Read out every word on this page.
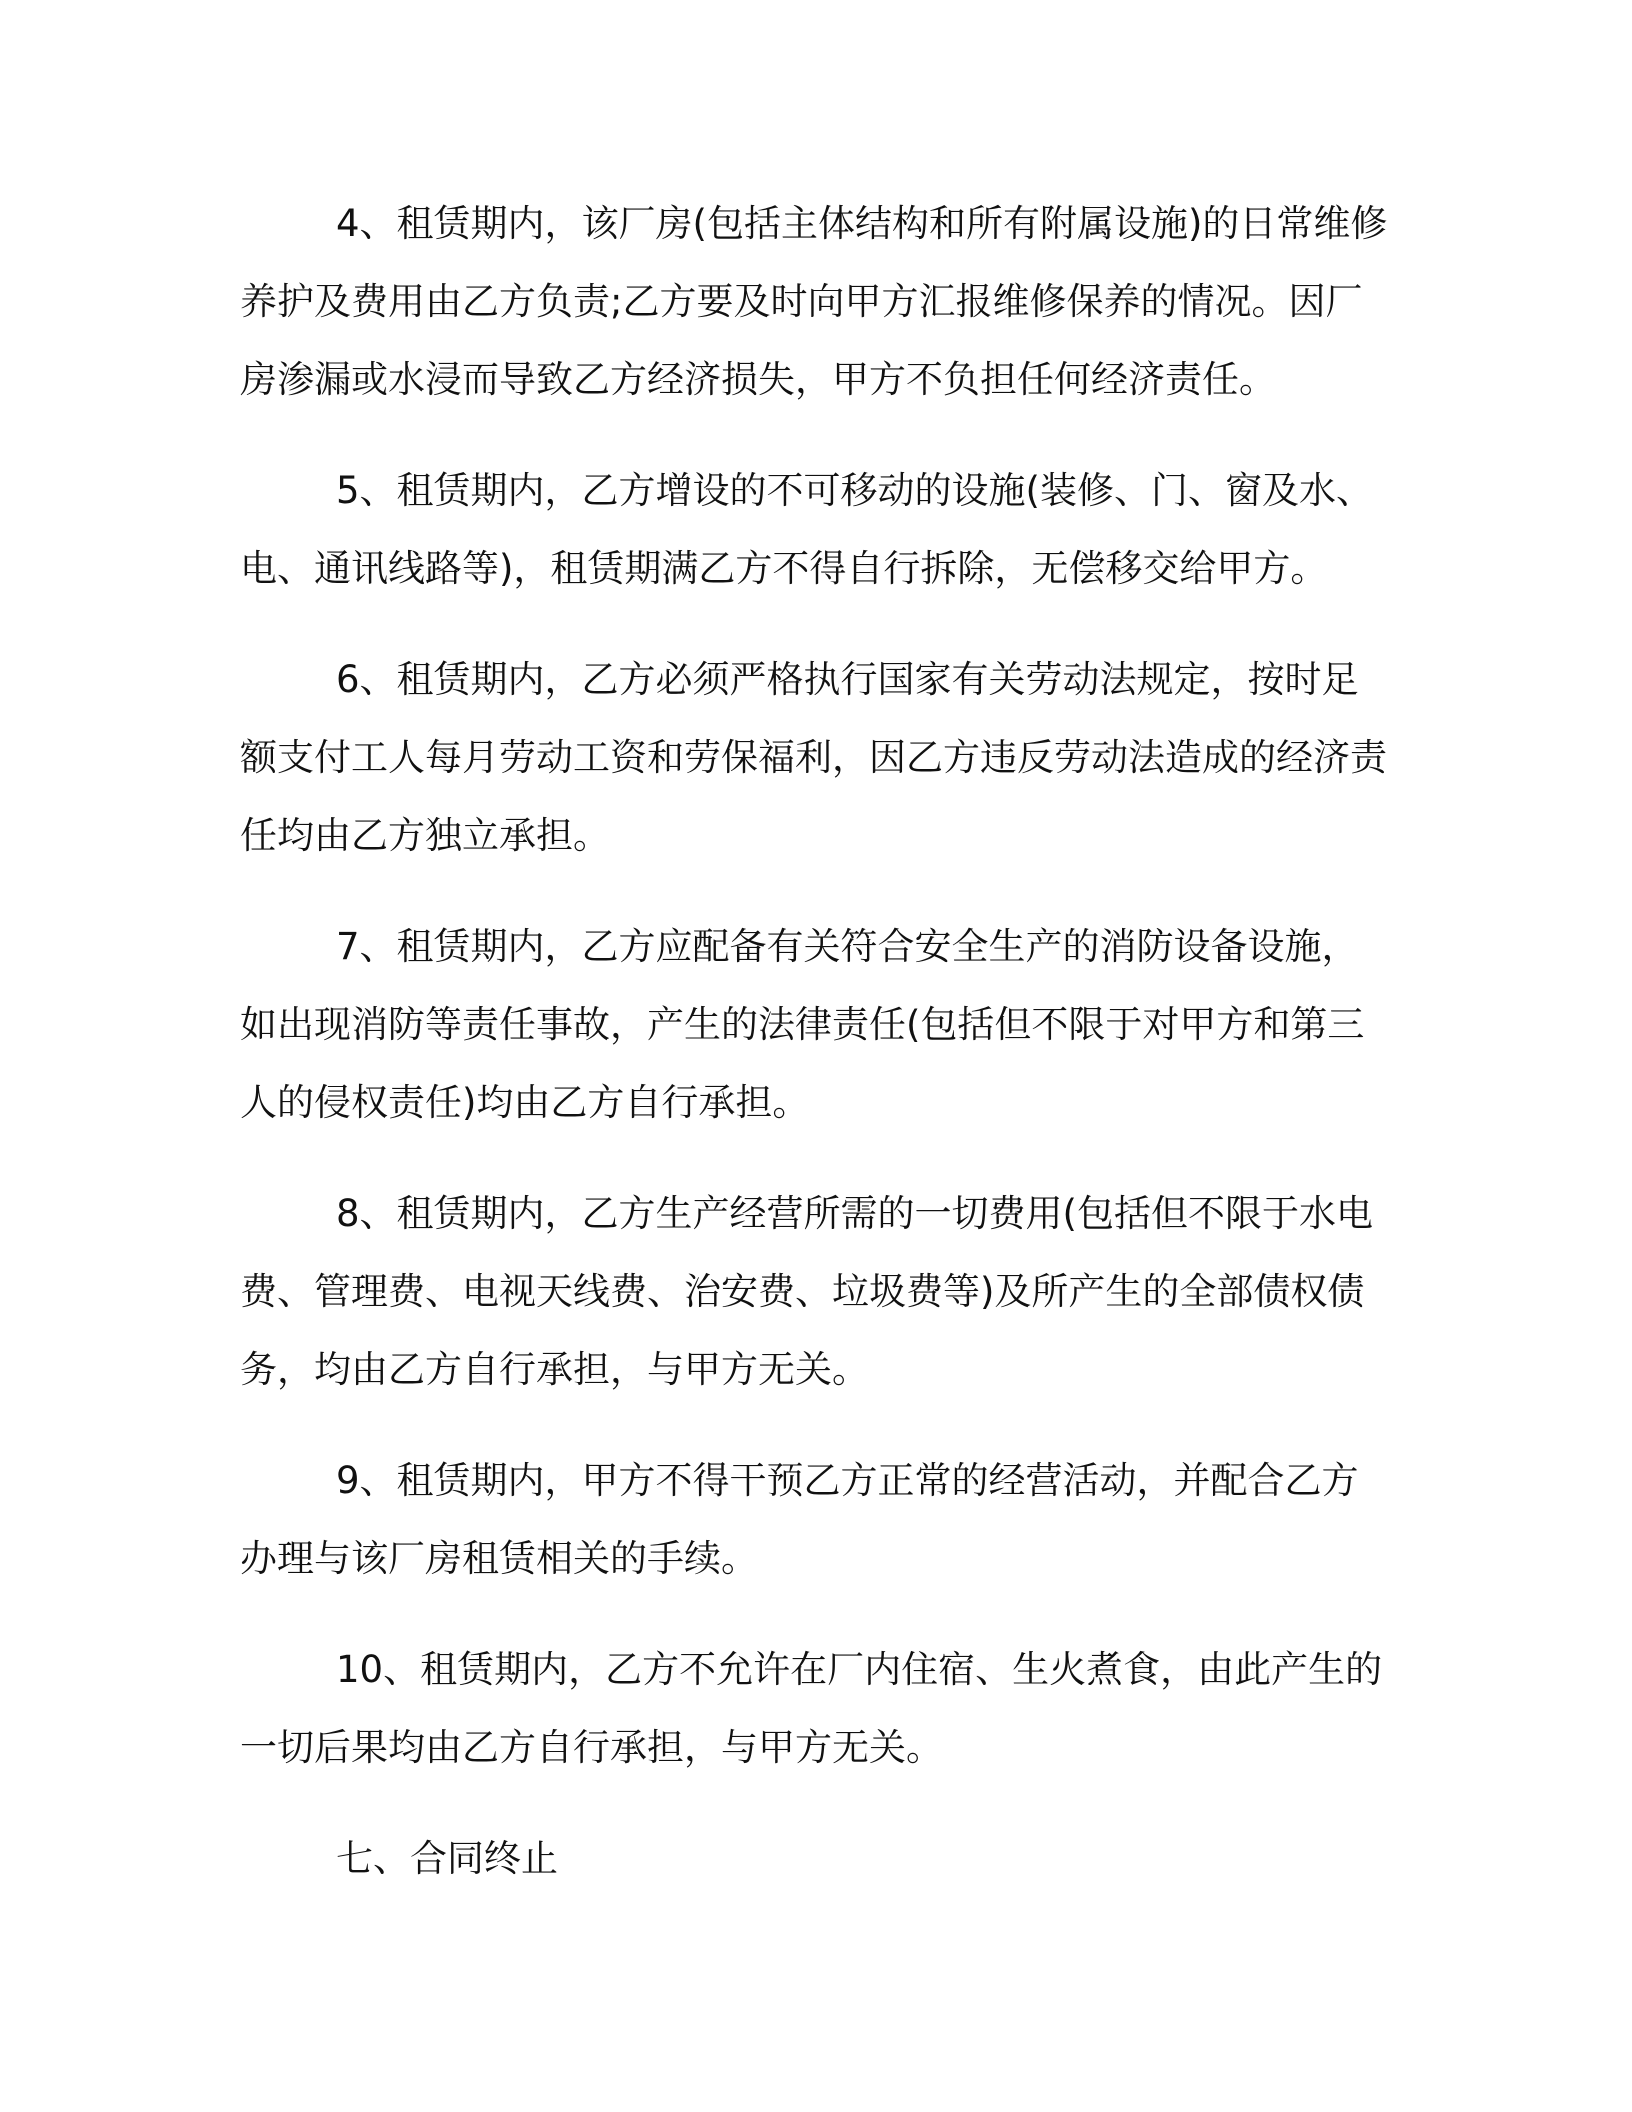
4、租赁期内，该厂房(包括主体结构和所有附属设施)的日常维修养护及费用由乙方负责;乙方要及时向甲方汇报维修保养的情况。因厂房渗漏或水浸而导致乙方经济损失，甲方不负担任何经济责任。

5、租赁期内，乙方增设的不可移动的设施(装修、门、窗及水、电、通讯线路等)，租赁期满乙方不得自行拆除，无偿移交给甲方。

6、租赁期内，乙方必须严格执行国家有关劳动法规定，按时足额支付工人每月劳动工资和劳保福利，因乙方违反劳动法造成的经济责任均由乙方独立承担。

7、租赁期内，乙方应配备有关符合安全生产的消防设备设施，如出现消防等责任事故，产生的法律责任(包括但不限于对甲方和第三人的侵权责任)均由乙方自行承担。

8、租赁期内，乙方生产经营所需的一切费用(包括但不限于水电费、管理费、电视天线费、治安费、垃圾费等)及所产生的全部债权债务，均由乙方自行承担，与甲方无关。

9、租赁期内，甲方不得干预乙方正常的经营活动，并配合乙方办理与该厂房租赁相关的手续。

10、租赁期内，乙方不允许在厂内住宿、生火煮食，由此产生的一切后果均由乙方自行承担，与甲方无关。

七、合同终止
